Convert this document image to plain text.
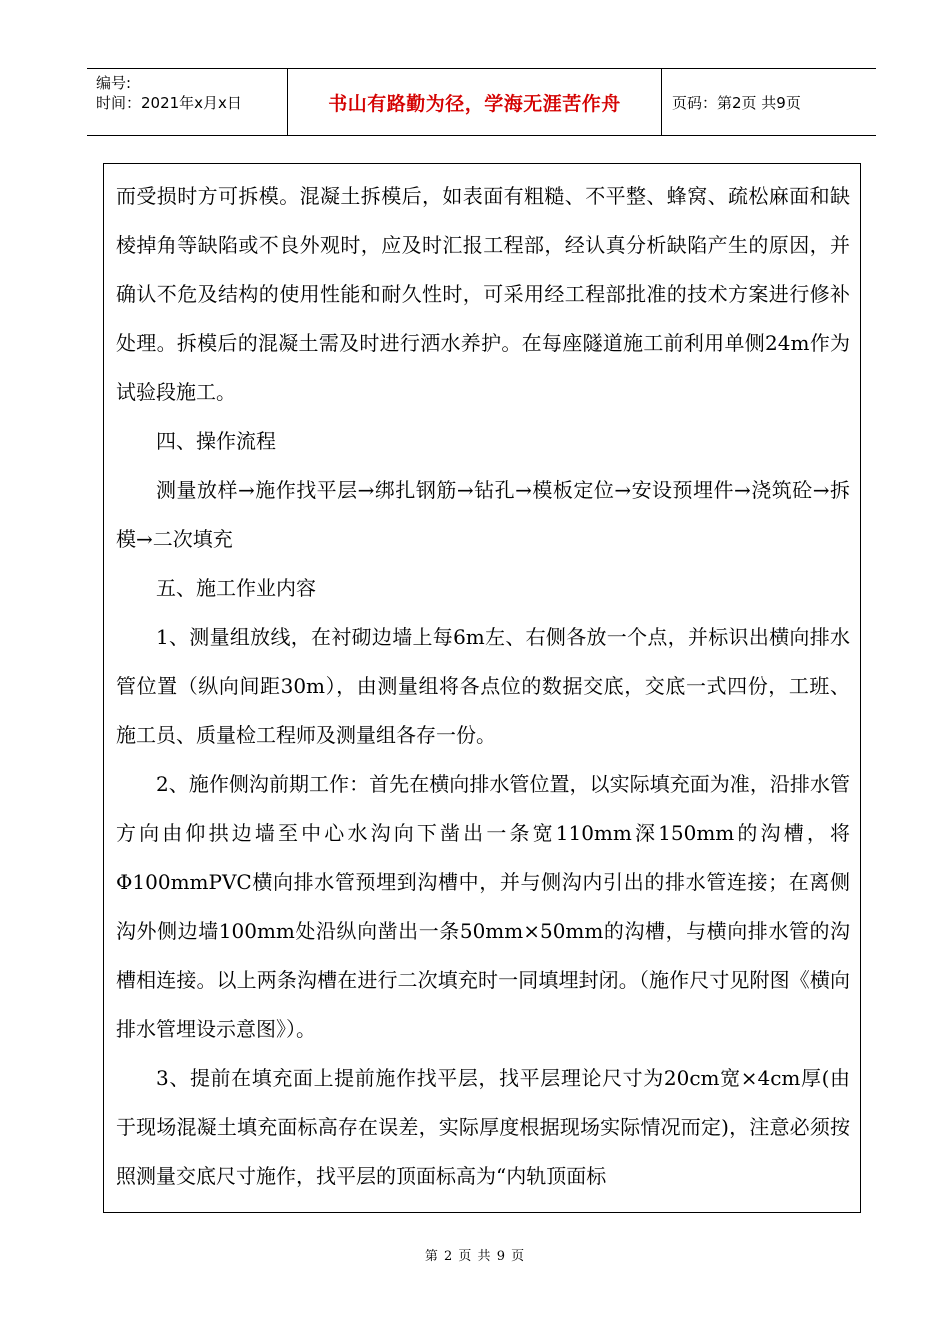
编号:
时间：2021年x月x日	书山有路勤为径，学海无涯苦作舟	页码：第2页 共9页

而受损时方可拆模。混凝土拆模后，如表面有粗糙、不平整、蜂窝、疏松麻面和缺棱掉角等缺陷或不良外观时，应及时汇报工程部，经认真分析缺陷产生的原因，并确认不危及结构的使用性能和耐久性时，可采用经工程部批准的技术方案进行修补处理。拆模后的混凝土需及时进行洒水养护。在每座隧道施工前利用单侧24m作为试验段施工。

四、操作流程

测量放样→施作找平层→绑扎钢筋→钻孔→模板定位→安设预埋件→浇筑砼→拆模→二次填充

五、施工作业内容

1、测量组放线，在衬砌边墙上每6m左、右侧各放一个点，并标识出横向排水管位置（纵向间距30m），由测量组将各点位的数据交底，交底一式四份，工班、施工员、质量检工程师及测量组各存一份。

2、施作侧沟前期工作：首先在横向排水管位置，以实际填充面为准，沿排水管方向由仰拱边墙至中心水沟向下凿出一条宽110mm深150mm的沟槽，将Φ100mmPVC横向排水管预埋到沟槽中，并与侧沟内引出的排水管连接；在离侧沟外侧边墙100mm处沿纵向凿出一条50mm×50mm的沟槽，与横向排水管的沟槽相连接。以上两条沟槽在进行二次填充时一同填埋封闭。（施作尺寸见附图《横向排水管埋设示意图》）。

3、提前在填充面上提前施作找平层，找平层理论尺寸为20cm宽×4cm厚(由于现场混凝土填充面标高存在误差，实际厚度根据现场实际情况而定)，注意必须按照测量交底尺寸施作，找平层的顶面标高为“内轨顶面标

第 2 页 共 9 页
